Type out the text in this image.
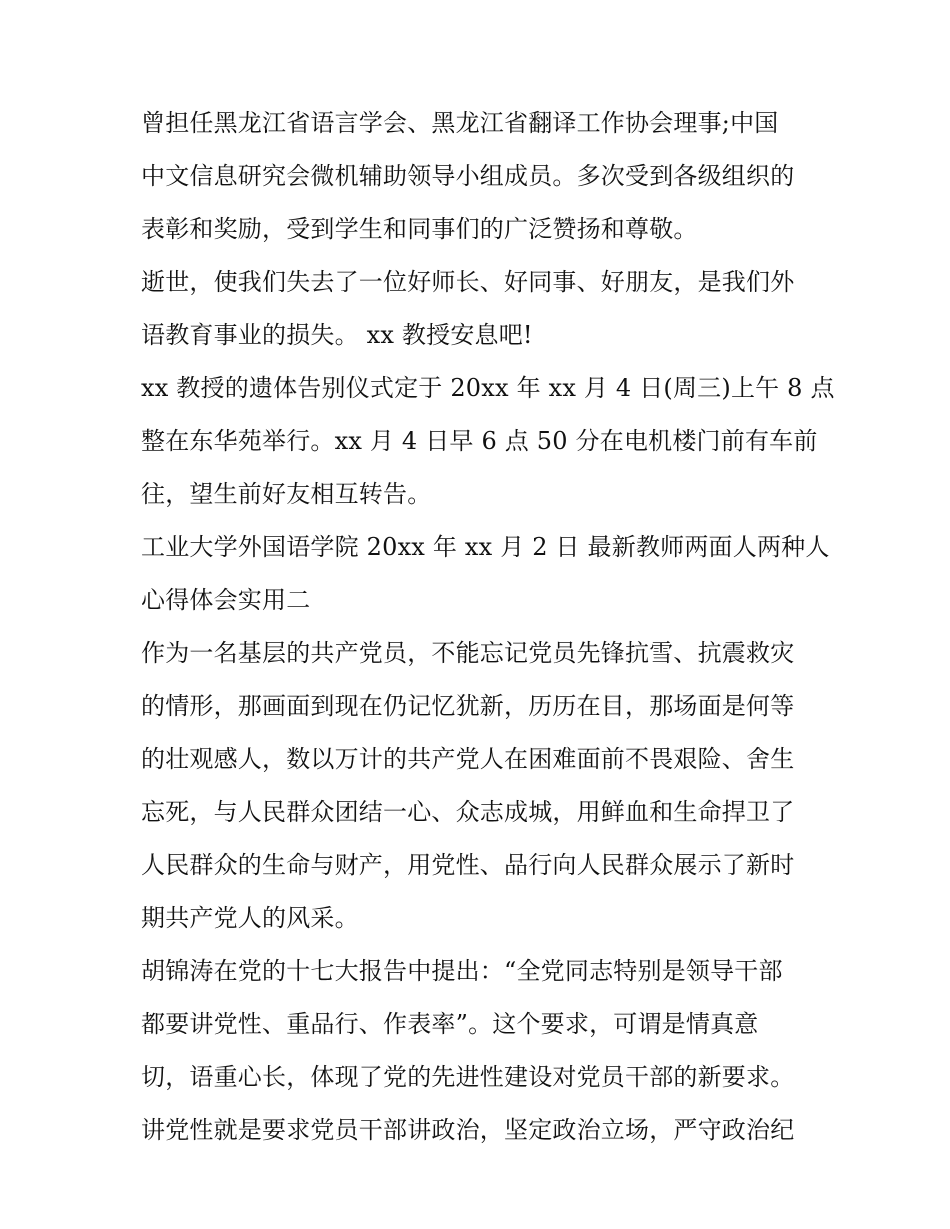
曾担任黑龙江省语言学会、黑龙江省翻译工作协会理事;中国
中文信息研究会微机辅助领导小组成员。多次受到各级组织的
表彰和奖励，受到学生和同事们的广泛赞扬和尊敬。
逝世，使我们失去了一位好师长、好同事、好朋友，是我们外
语教育事业的损失。 xx 教授安息吧!
xx 教授的遗体告别仪式定于 20xx 年 xx 月 4 日(周三)上午 8 点
整在东华苑举行。xx 月 4 日早 6 点 50 分在电机楼门前有车前
往，望生前好友相互转告。
工业大学外国语学院 20xx 年 xx 月 2 日 最新教师两面人两种人
心得体会实用二
作为一名基层的共产党员，不能忘记党员先锋抗雪、抗震救灾
的情形，那画面到现在仍记忆犹新，历历在目，那场面是何等
的壮观感人，数以万计的共产党人在困难面前不畏艰险、舍生
忘死，与人民群众团结一心、众志成城，用鲜血和生命捍卫了
人民群众的生命与财产，用党性、品行向人民群众展示了新时
期共产党人的风采。
胡锦涛在党的十七大报告中提出：“全党同志特别是领导干部
都要讲党性、重品行、作表率”。这个要求，可谓是情真意
切，语重心长，体现了党的先进性建设对党员干部的新要求。
讲党性就是要求党员干部讲政治，坚定政治立场，严守政治纪
